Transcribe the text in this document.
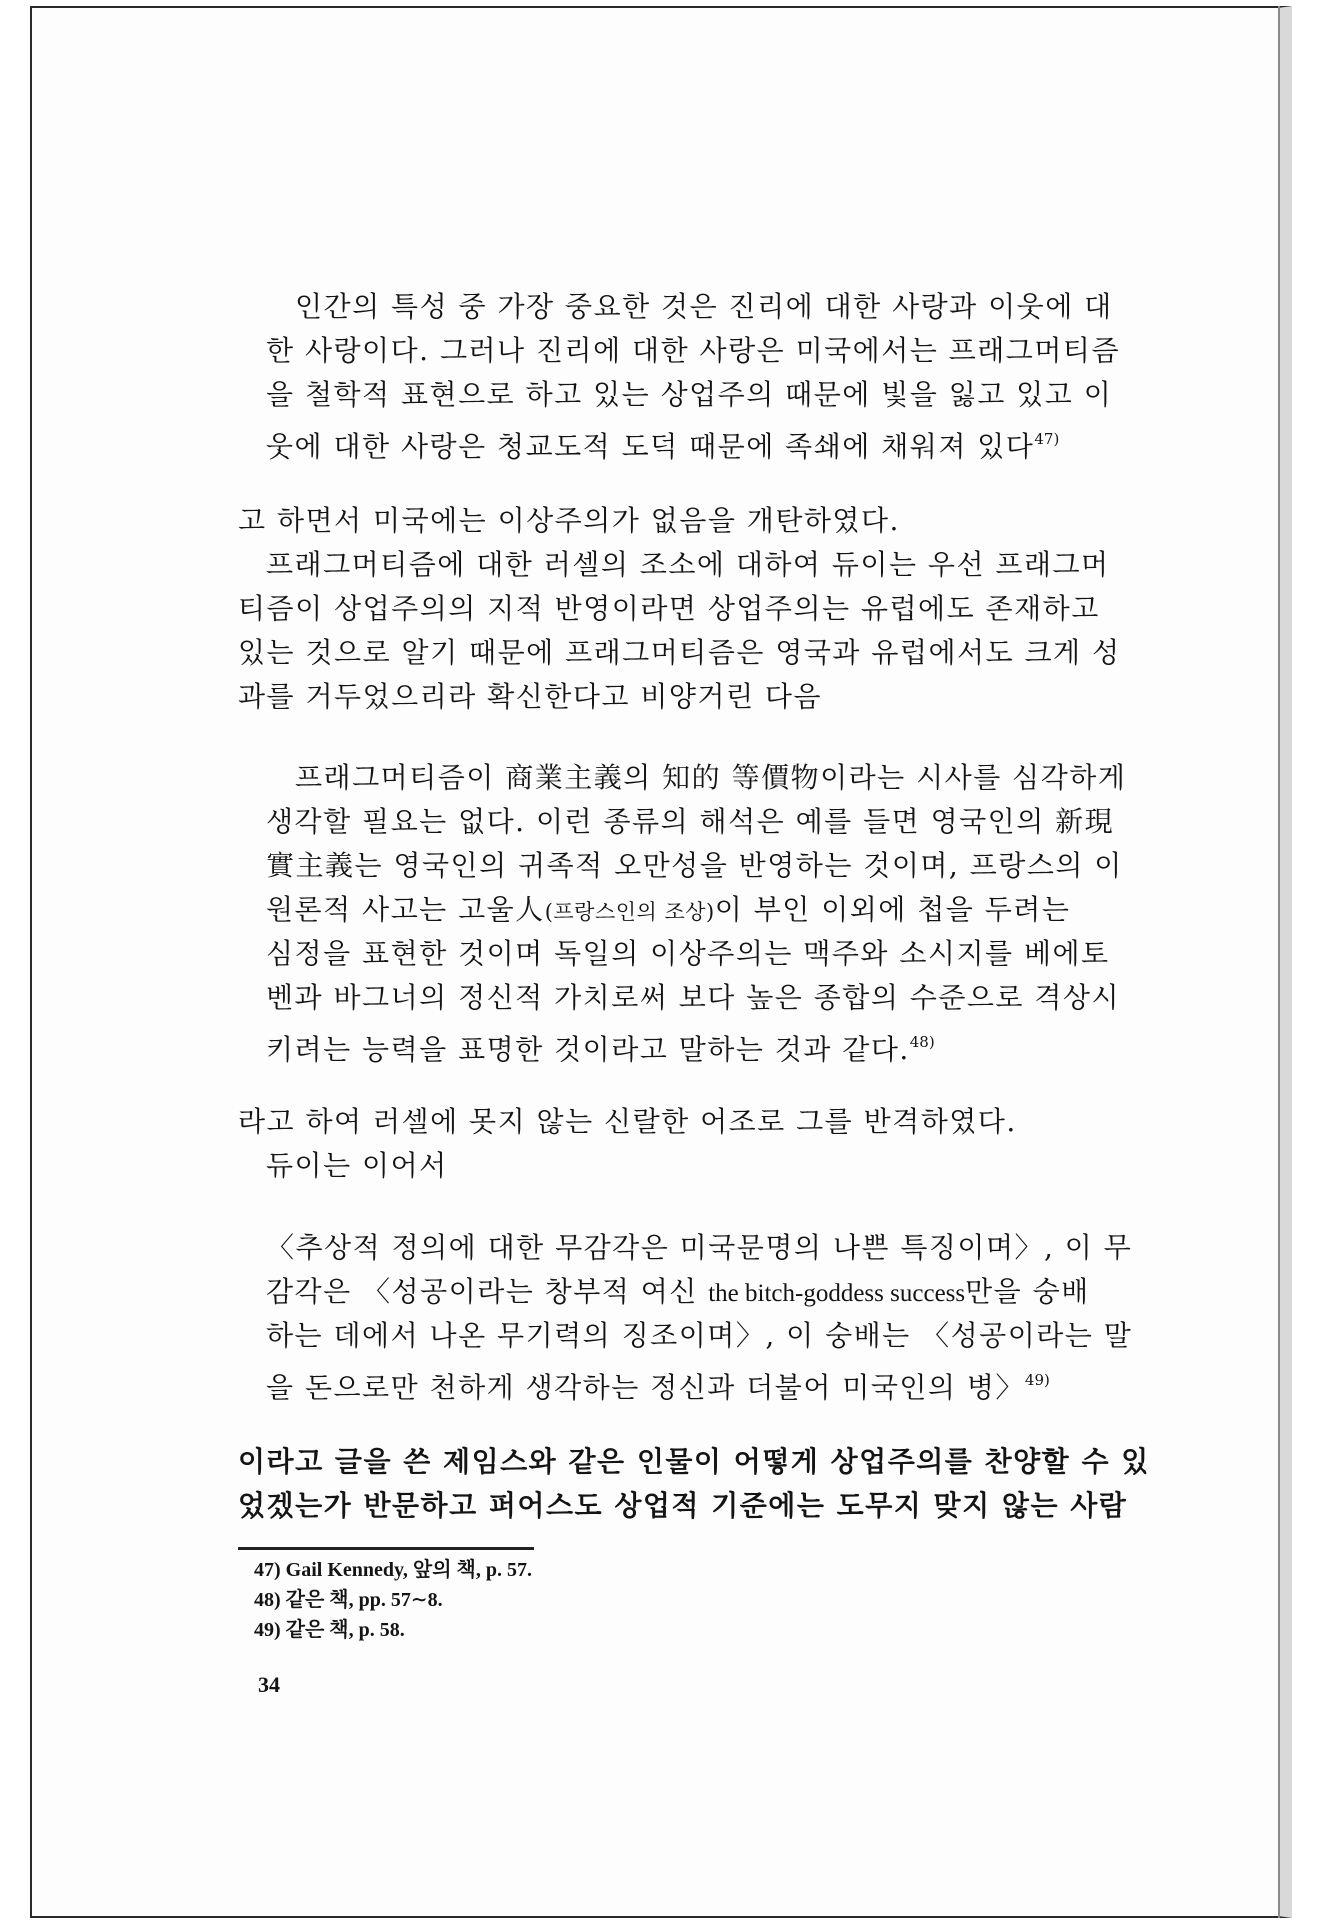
인간의 특성 중 가장 중요한 것은 진리에 대한 사랑과 이웃에 대
한 사랑이다. 그러나 진리에 대한 사랑은 미국에서는 프래그머티즘
을 철학적 표현으로 하고 있는 상업주의 때문에 빛을 잃고 있고 이
웃에 대한 사랑은 청교도적 도덕 때문에 족쇄에 채워져 있다$^{47)}$
고 하면서 미국에는 이상주의가 없음을 개탄하였다.
프래그머티즘에 대한 러셀의 조소에 대하여 듀이는 우선 프래그머
티즘이 상업주의의 지적 반영이라면 상업주의는 유럽에도 존재하고
있는 것으로 알기 때문에 프래그머티즘은 영국과 유럽에서도 크게 성
과를 거두었으리라 확신한다고 비양거린 다음
프래그머티즘이 商業主義의 知的 等價物이라는 시사를 심각하게
생각할 필요는 없다. 이런 종류의 해석은 예를 들면 영국인의 新現
實主義는 영국인의 귀족적 오만성을 반영하는 것이며, 프랑스의 이
원론적 사고는 고울人(프랑스인의 조상)이 부인 이외에 첩을 두려는
심정을 표현한 것이며 독일의 이상주의는 맥주와 소시지를 베에토
벤과 바그너의 정신적 가치로써 보다 높은 종합의 수준으로 격상시
키려는 능력을 표명한 것이라고 말하는 것과 같다.$^{48)}$
라고 하여 러셀에 못지 않는 신랄한 어조로 그를 반격하였다.
듀이는 이어서
〈추상적 정의에 대한 무감각은 미국문명의 나쁜 특징이며〉, 이 무
감각은 〈성공이라는 창부적 여신 the bitch-goddess success만을 숭배
하는 데에서 나온 무기력의 징조이며〉, 이 숭배는 〈성공이라는 말
을 돈으로만 천하게 생각하는 정신과 더불어 미국인의 병〉$^{49)}$
이라고 글을 쓴 제임스와 같은 인물이 어떻게 상업주의를 찬양할 수 있
었겠는가 반문하고 퍼어스도 상업적 기준에는 도무지 맞지 않는 사람
47) Gail Kennedy, 앞의 책, p. 57.
48) 같은 책, pp. 57∼8.
49) 같은 책, p. 58.
34
